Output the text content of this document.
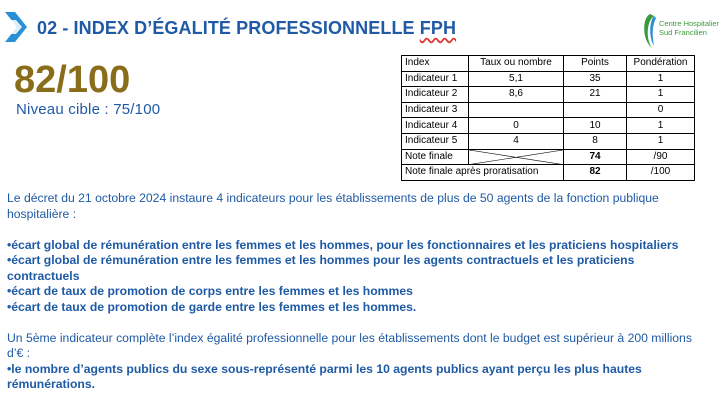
02 - INDEX D’ÉGALITÉ PROFESSIONNELLE FPH	Centre Hospitalier
Sud Francilien
82/100
Niveau cible : 75/100
Index	Taux ou nombre	Points	Pondération
Indicateur 1	5,1	35	1
Indicateur 2	8,6	21	1
Indicateur 3			0
Indicateur 4	0	10	1
Indicateur 5	4	8	1
Note finale		74	/90
Note finale après proratisation		82	/100

Le décret du 21 octobre 2024 instaure 4 indicateurs pour les établissements de plus de 50 agents de la fonction publique hospitalière :

•écart global de rémunération entre les femmes et les hommes, pour les fonctionnaires et les praticiens hospitaliers

•écart global de rémunération entre les femmes et les hommes pour les agents contractuels et les praticiens contractuels

•écart de taux de promotion de corps entre les femmes et les hommes

•écart de taux de promotion de garde entre les femmes et les hommes.

Un 5ème indicateur complète l’index égalité professionnelle pour les établissements dont le budget est supérieur à 200 millions d’€ :

•le nombre d’agents publics du sexe sous-représenté parmi les 10 agents publics ayant perçu les plus hautes rémunérations.
